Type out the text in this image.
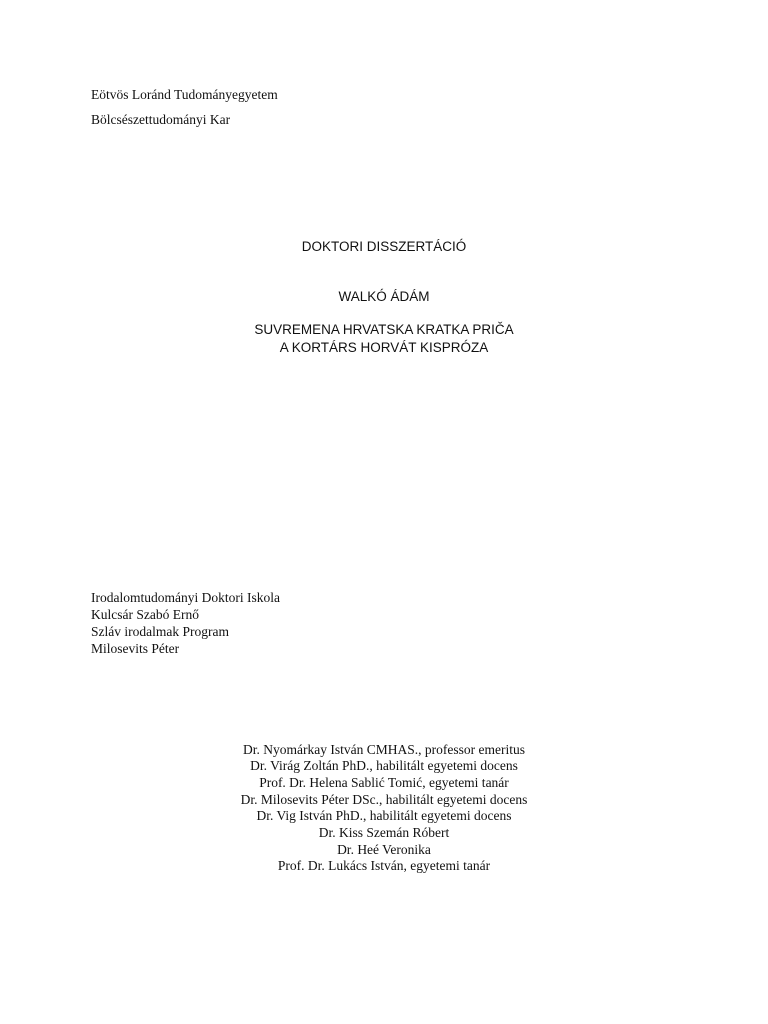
Eötvös Loránd Tudományegyetem
Bölcsészettudományi Kar
DOKTORI DISSZERTÁCIÓ
WALKÓ ÁDÁM
SUVREMENA HRVATSKA KRATKA PRIČA
A KORTÁRS HORVÁT KISPRÓZA
Irodalomtudományi Doktori Iskola
Kulcsár Szabó Ernő
Szláv irodalmak Program
Milosevits Péter
Dr. Nyomárkay István CMHAS., professor emeritus
Dr. Virág Zoltán PhD., habilitált egyetemi docens
Prof. Dr. Helena Sablić Tomić, egyetemi tanár
Dr. Milosevits Péter DSc., habilitált egyetemi docens
Dr. Vig István PhD., habilitált egyetemi docens
Dr. Kiss Szemán Róbert
Dr. Heé Veronika
Prof. Dr. Lukács István, egyetemi tanár
